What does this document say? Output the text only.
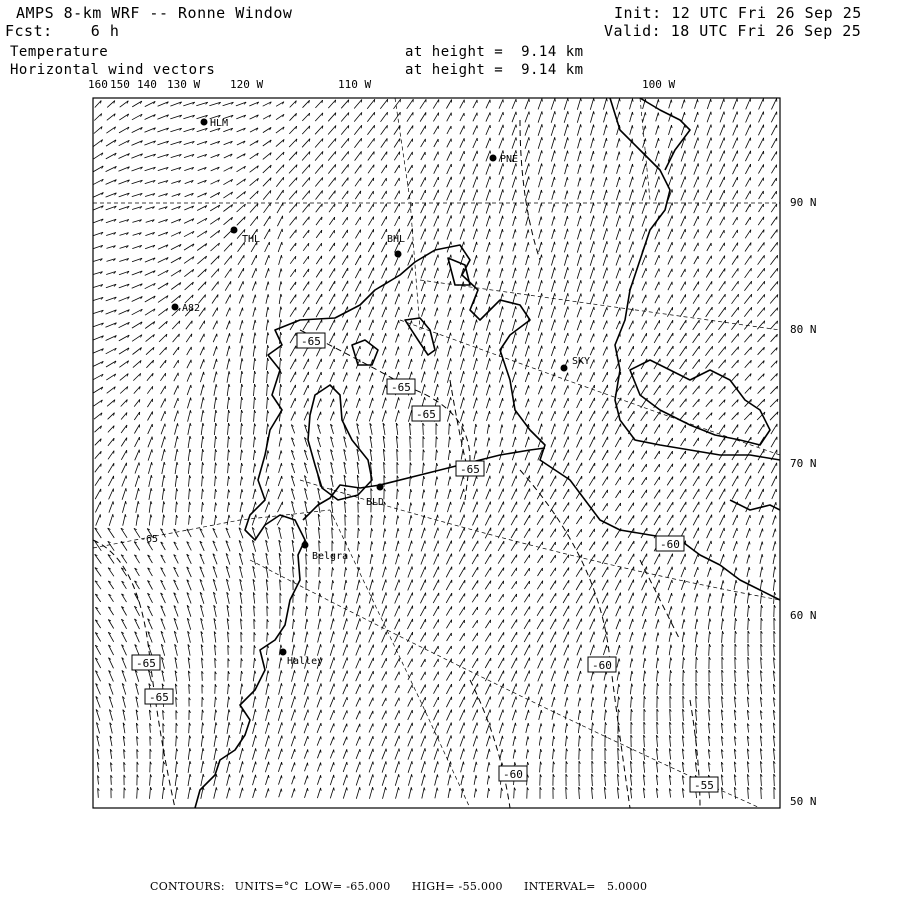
AMPS 8-km WRF -- Ronne Window
Fcst:	6 h
Init: 12 UTC Fri 26 Sep 25
Valid: 18 UTC Fri 26 Sep 25
Temperature	at height =  9.14 km
Horizontal wind vectors	at height =  9.14 km
160 150 140 130 W	120 W	110 W	100 W
90 N
80 N
70 N
60 N
50 N
HLM
PNE
THL	BHL
A82
SKY
BLD
Belgra
Halley
-65
-65
-65
-65
-60
-65
-65
-60
-60
-55
-65
CONTOURS: UNITS=°C LOW= -65.000 HIGH= -55.000 INTERVAL=   5.0000
